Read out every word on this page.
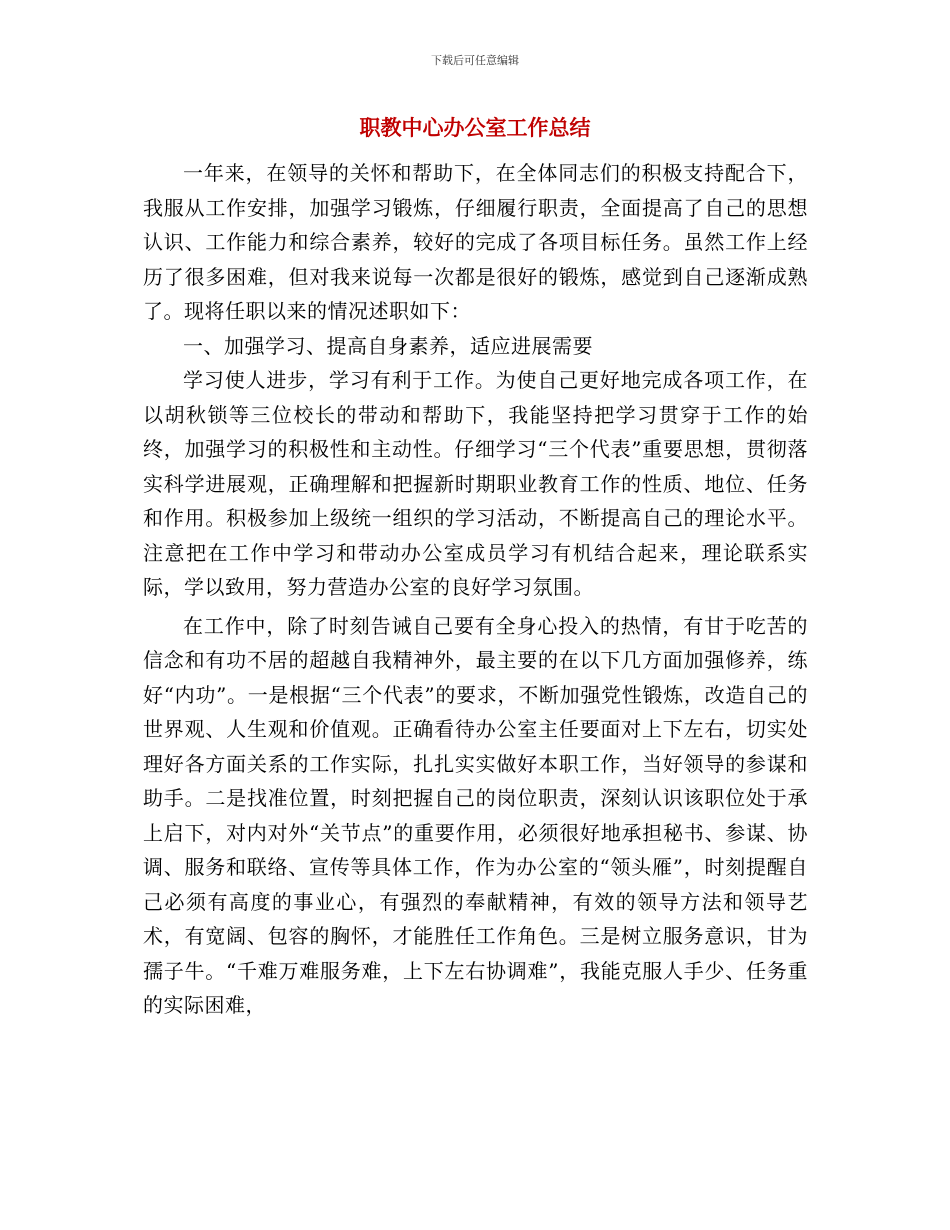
下载后可任意编辑
职教中心办公室工作总结

一年来，在领导的关怀和帮助下，在全体同志们的积极支持配合下，我服从工作安排，加强学习锻炼，仔细履行职责，全面提高了自己的思想认识、工作能力和综合素养，较好的完成了各项目标任务。虽然工作上经历了很多困难，但对我来说每一次都是很好的锻炼，感觉到自己逐渐成熟了。现将任职以来的情况述职如下：

一、加强学习、提高自身素养，适应进展需要

学习使人进步，学习有利于工作。为使自己更好地完成各项工作，在以胡秋锁等三位校长的带动和帮助下，我能坚持把学习贯穿于工作的始终，加强学习的积极性和主动性。仔细学习“三个代表”重要思想，贯彻落实科学进展观，正确理解和把握新时期职业教育工作的性质、地位、任务和作用。积极参加上级统一组织的学习活动，不断提高自己的理论水平。注意把在工作中学习和带动办公室成员学习有机结合起来，理论联系实际，学以致用，努力营造办公室的良好学习氛围。

在工作中，除了时刻告诫自己要有全身心投入的热情，有甘于吃苦的信念和有功不居的超越自我精神外，最主要的在以下几方面加强修养，练好“内功”。一是根据“三个代表”的要求，不断加强党性锻炼，改造自己的世界观、人生观和价值观。正确看待办公室主任要面对上下左右，切实处理好各方面关系的工作实际，扎扎实实做好本职工作，当好领导的参谋和助手。二是找准位置，时刻把握自己的岗位职责，深刻认识该职位处于承上启下，对内对外“关节点”的重要作用，必须很好地承担秘书、参谋、协调、服务和联络、宣传等具体工作，作为办公室的“领头雁”，时刻提醒自己必须有高度的事业心，有强烈的奉献精神，有效的领导方法和领导艺术，有宽阔、包容的胸怀，才能胜任工作角色。三是树立服务意识，甘为孺子牛。“千难万难服务难，上下左右协调难”，我能克服人手少、任务重的实际困难，
